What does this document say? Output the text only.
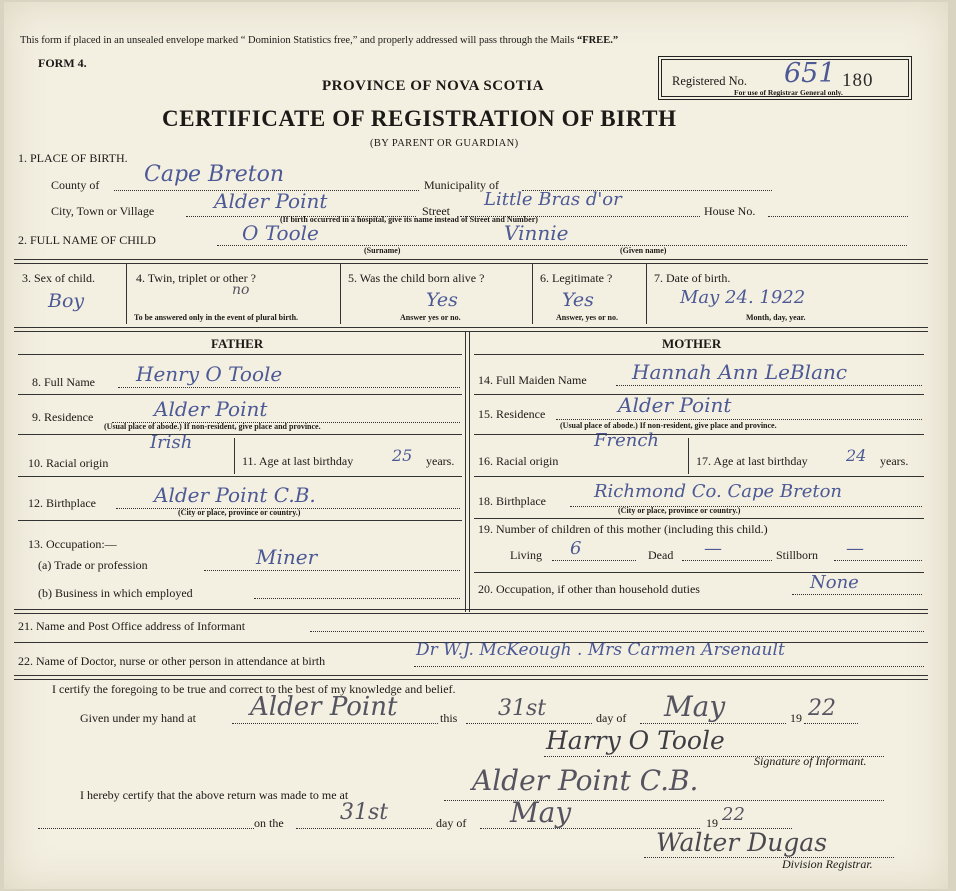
This form if placed in an unsealed envelope marked “ Dominion Statistics free,” and properly addressed will pass through the Mails “FREE.”
FORM 4.
PROVINCE OF NOVA SCOTIA
CERTIFICATE OF REGISTRATION OF BIRTH
(BY PARENT OR GUARDIAN)
Registered No. 651 180
For use of Registrar General only.
1. PLACE OF BIRTH.
County of Cape Breton	Municipality of
City, Town or Village	Alder Point	Street
Little Bras d'or
House No.
(If birth occurred in a hospital, give its name instead of Street and Number)
2. FULL NAME OF CHILD	O Toole	Vinnie
(Surname)	(Given name)
3. Sex of child.
Boy
4. Twin, triplet or other ?
no
To be answered only in the event of plural birth.
5. Was the child born alive ?
Yes
Answer yes or no.
6. Legitimate ?
Yes
Answer, yes or no.
7. Date of birth.
May 24. 1922
Month, day, year.
FATHER	MOTHER
8. Full Name Henry O Toole
9. Residence	Alder Point
(Usual place of abode.) If non-resident, give place and province.
10. Racial origin
Irish
11. Age at last birthday 25 years.
12. Birthplace	Alder Point C.B.
(City or place, province or country.)
13. Occupation:—
(a) Trade or profession	Miner
(b) Business in which employed
14. Full Maiden Name Hannah Ann LeBlanc
15. Residence	Alder Point
(Usual place of abode.) If non-resident, give place and province.
16. Racial origin
French
17. Age at last birthday 24 years.
18. Birthplace	Richmond Co. Cape Breton
(City or place, province or country.)
19. Number of children of this mother (including this child.)
Living 6	Dead —	Stillborn —
20. Occupation, if other than household duties	None
21. Name and Post Office address of Informant
22. Name of Doctor, nurse or other person in attendance at birth
Dr W.J. McKeough . Mrs Carmen Arsenault
I certify the foregoing to be true and correct to the best of my knowledge and belief.
Given under my hand at Alder Point	this 31st	day of May	19 22
Harry O Toole
Signature of Informant.
I hereby certify that the above return was made to me at	Alder Point C.B.
on the	31st	day of May	19 22
Walter Dugas
Division Registrar.
